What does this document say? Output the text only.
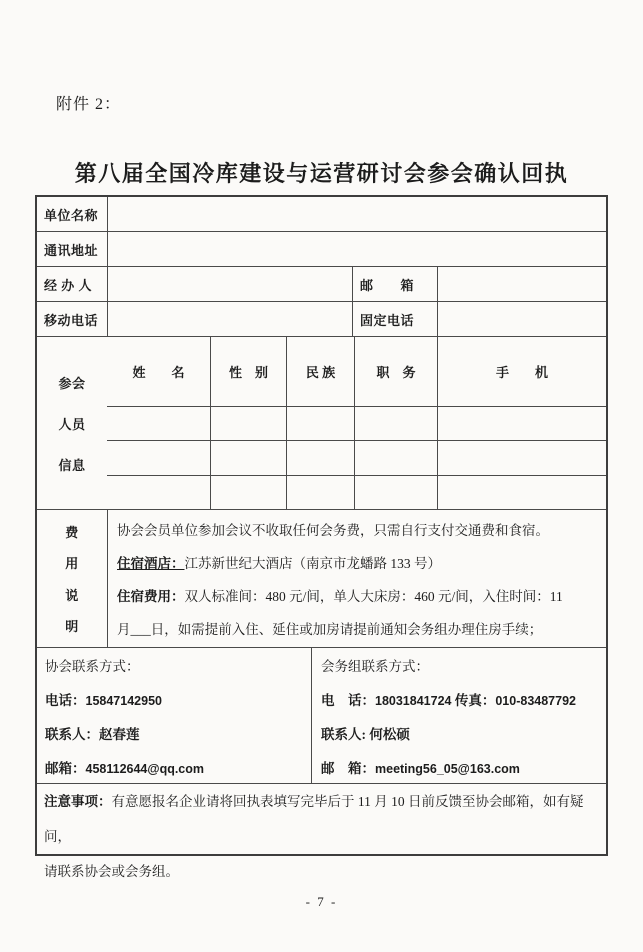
附件 2：
第八届全国冷库建设与运营研讨会参会确认回执
单位名称
通讯地址
经 办 人	邮　　箱
移动电话	固定电话
参会
人员
信息
姓　　名	性　别	民 族	职　务	手　　机
费
用
说
明

协会会员单位参加会议不收取任何会务费，只需自行支付交通费和食宿。

住宿酒店：江苏新世纪大酒店（南京市龙蟠路 133 号）

住宿费用：双人标准间：480 元/间，单人大床房：460 元/间，入住时间：11

月___日，如需提前入住、延住或加房请提前通知会务组办理住房手续；

协会联系方式：

电话：15847142950

联系人：赵春莲

邮箱：458112644@qq.com

会务组联系方式：

电　话：18031841724 传真：010-83487792

联系人: 何松硕

邮　箱：meeting56_05@163.com

注意事项：有意愿报名企业请将回执表填写完毕后于 11 月 10 日前反馈至协会邮箱，如有疑问，

请联系协会或会务组。

- 7 -
